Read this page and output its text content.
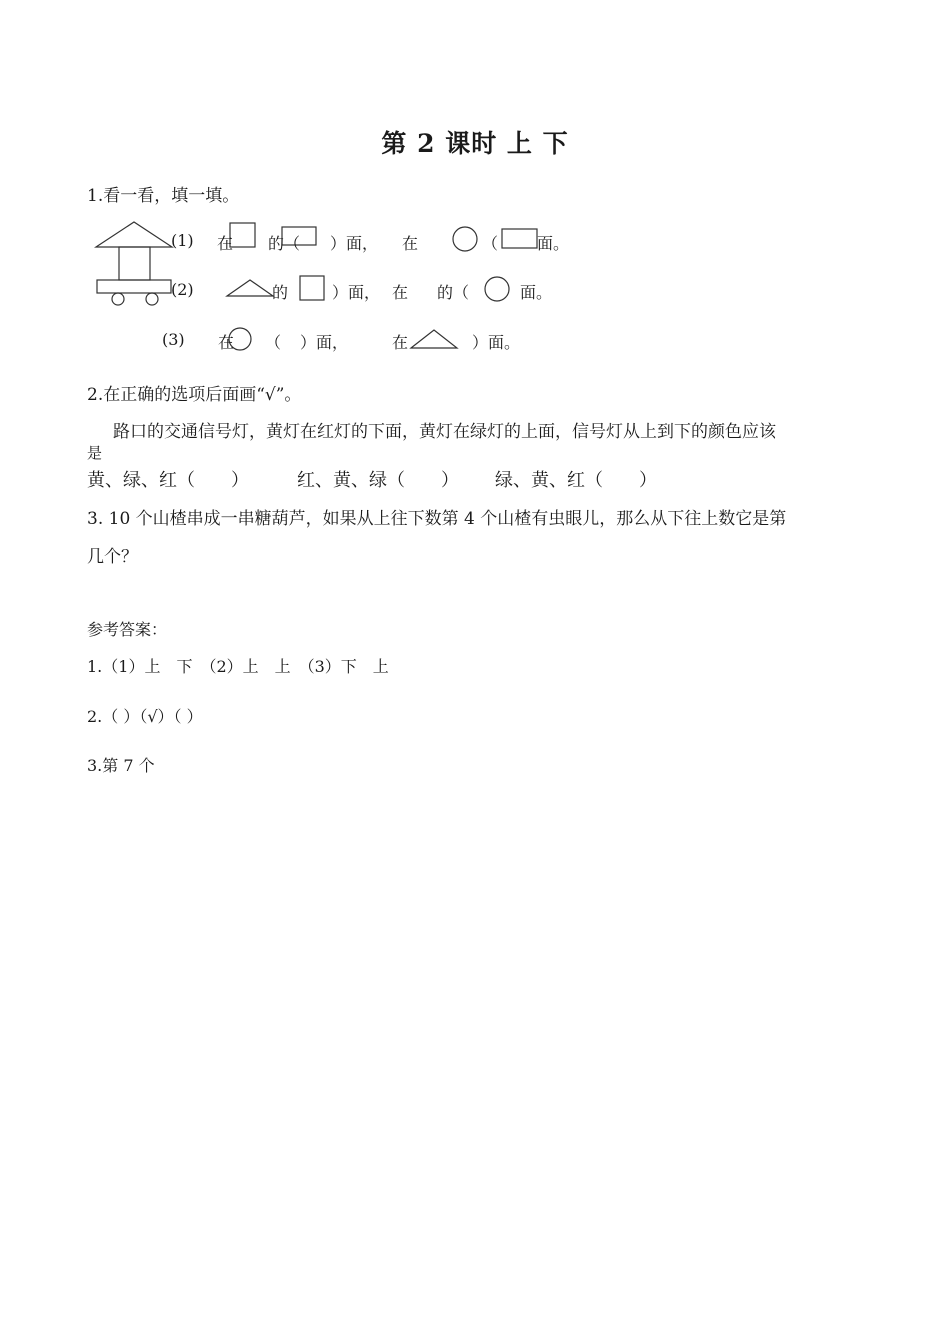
第 2 课时 上 下
1.看一看，填一填。
(1) 在 的（ ）面， 在	（ 面。
(2)	的	）面， 在 的（	面。
(3) 在 （ ）面，	在	）面。
2.在正确的选项后面画“√”。
路口的交通信号灯，黄灯在红灯的下面，黄灯在绿灯的上面，信号灯从上到下的颜色应该
是
黄、绿、红（　　）	红、黄、绿（　　） 绿、黄、红（　　）
3. 10 个山楂串成一串糖葫芦，如果从上往下数第 4 个山楂有虫眼儿，那么从下往上数它是第
几个？
参考答案：
1.（1）上　下　（2）上　上　（3）下　上
2.（ ）（√）（ ）
3.第 7 个
